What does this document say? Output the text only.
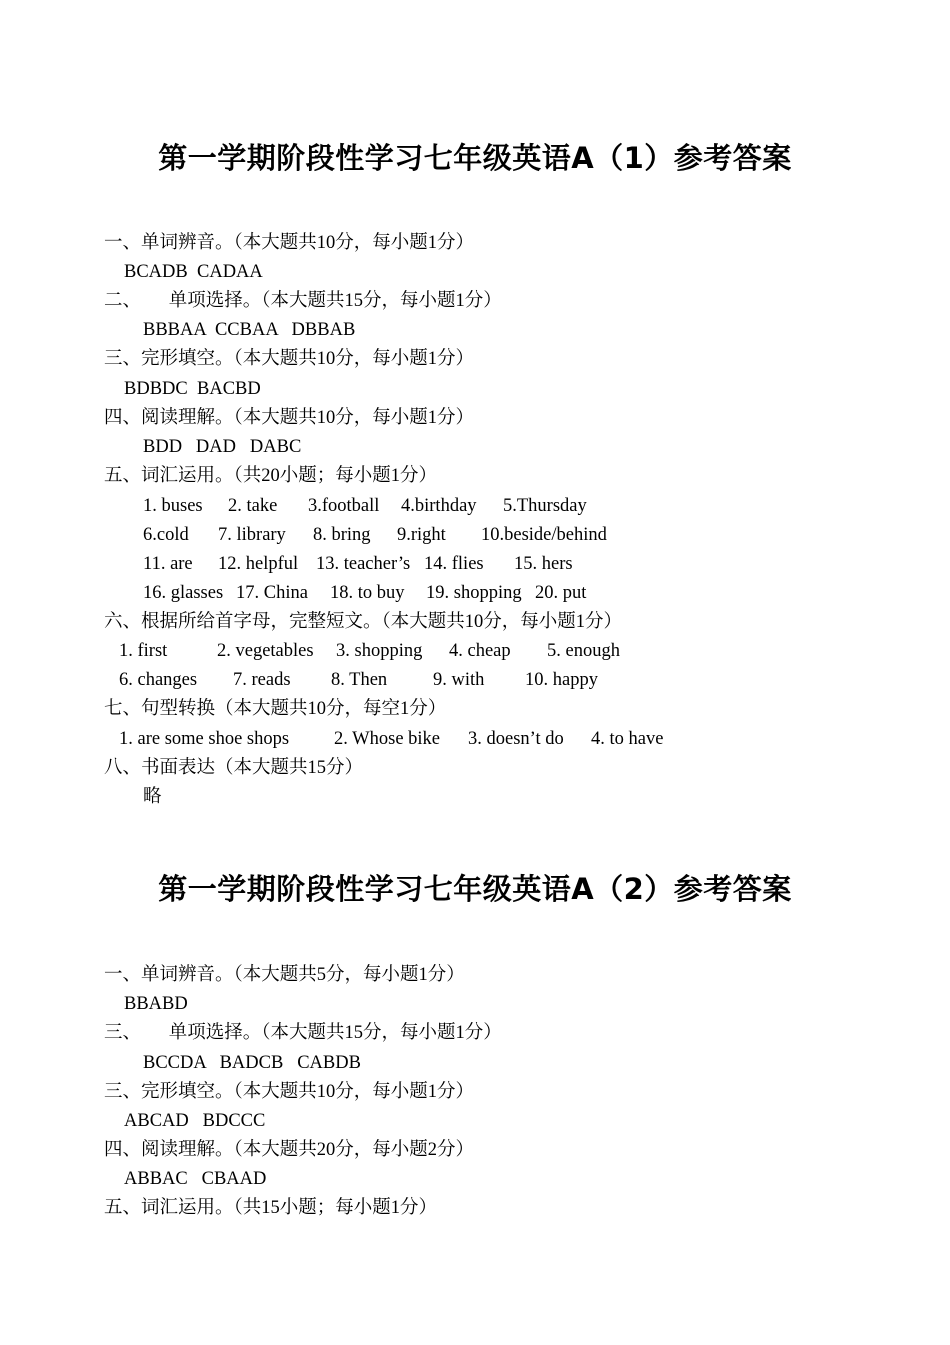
第一学期阶段性学习七年级英语A（1）参考答案
一、单词辨音。（本大题共10分，每小题1分）
BCADB  CADAA
二、      单项选择。（本大题共15分，每小题1分）
BBBAA  CCBAA   DBBAB
三、完形填空。（本大题共10分，每小题1分）
BDBDC  BACBD
四、阅读理解。（本大题共10分，每小题1分）
BDD   DAD   DABC
五、词汇运用。（共20小题；每小题1分）
1. buses 2. take 3.football 4.birthday 5.Thursday
6.cold 7. library 8. bring 9.right 10.beside/behind
11. are 12. helpful 13. teacher’s 14. flies 15. hers
16. glasses 17. China 18. to buy 19. shopping 20. put
六、根据所给首字母，完整短文。（本大题共10分，每小题1分）
1. first	2. vegetables 3. shopping 4. cheap 5. enough
6. changes 7. reads 8. Then 9. with 10. happy
七、句型转换（本大题共10分，每空1分）
1. are some shoe shops 2. Whose bike 3. doesn’t do 4. to have
八、书面表达（本大题共15分）
略
第一学期阶段性学习七年级英语A（2）参考答案
一、单词辨音。（本大题共5分，每小题1分）
BBABD
三、      单项选择。（本大题共15分，每小题1分）
BCCDA   BADCB   CABDB
三、完形填空。（本大题共10分，每小题1分）
ABCAD   BDCCC
四、阅读理解。（本大题共20分，每小题2分）
ABBAC   CBAAD
五、词汇运用。（共15小题；每小题1分）
